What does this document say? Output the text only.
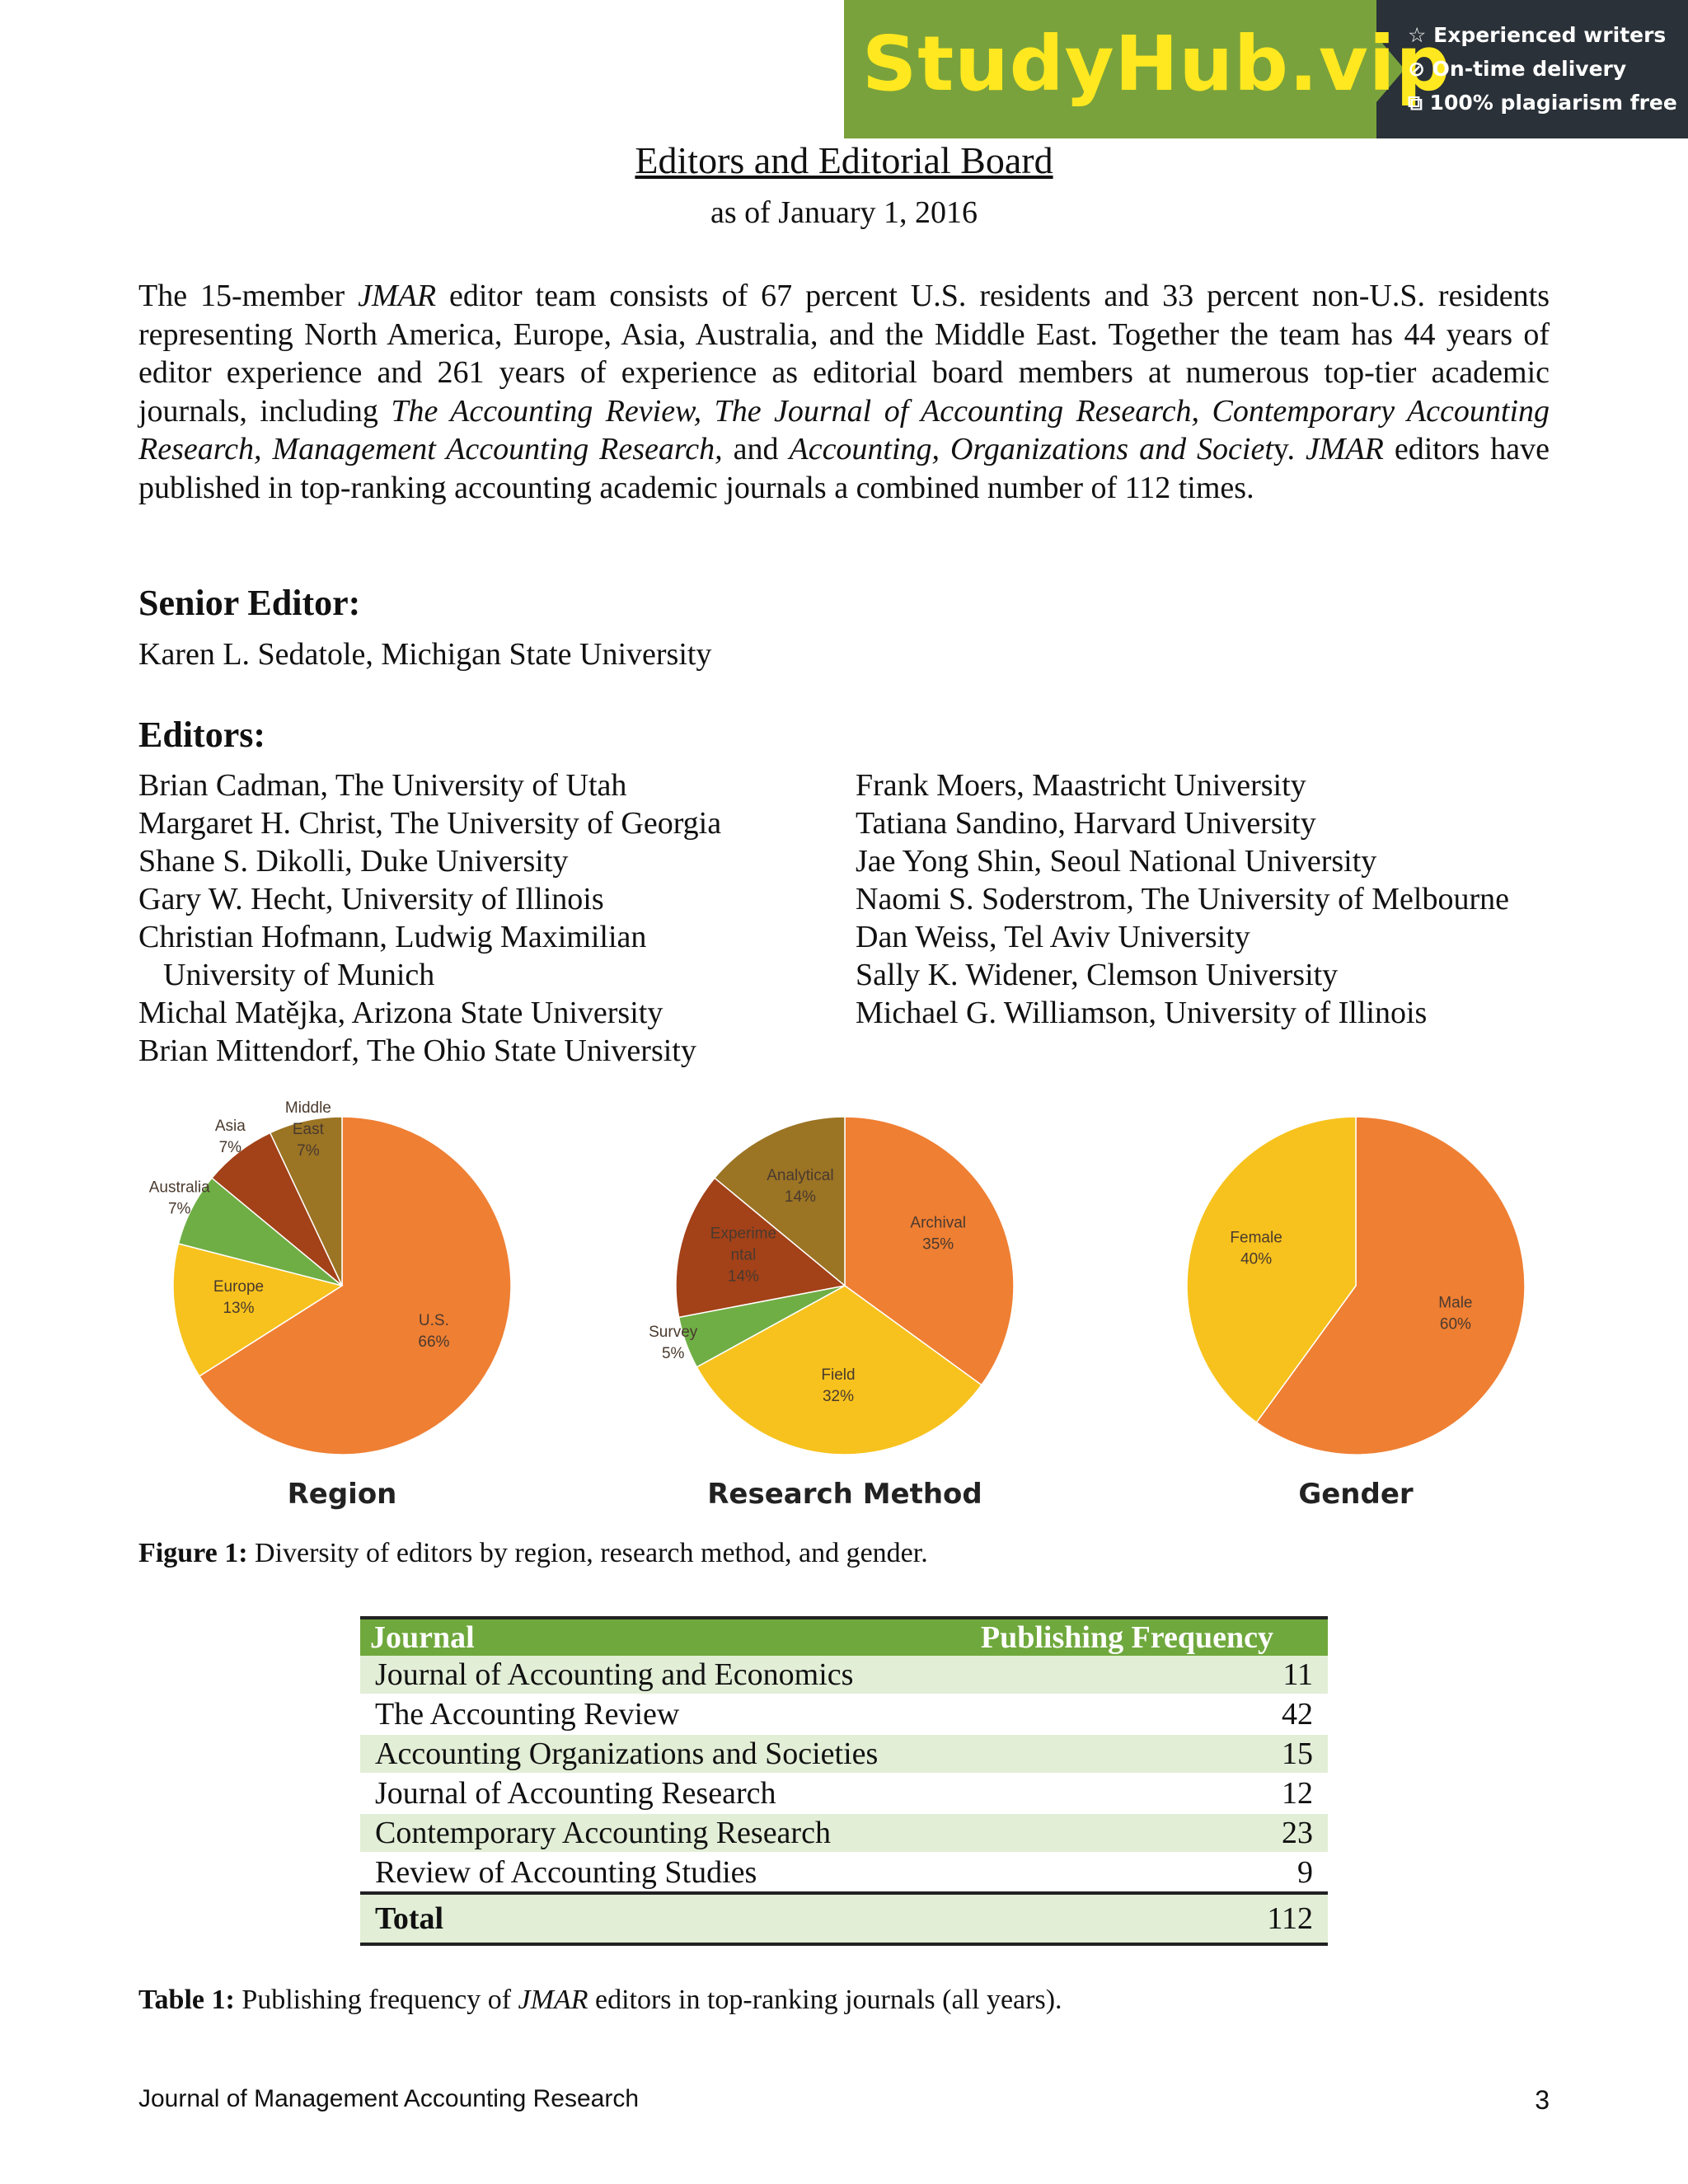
StudyHub.vip
☆ Experienced writers
⊘ On-time delivery
⧉ 100% plagiarism free
Editors and Editorial Board
as of January 1, 2016

The 15-member JMAR editor team consists of 67 percent U.S. residents and 33 percent non-U.S. residents representing North America, Europe, Asia, Australia, and the Middle East. Together the team has 44 years of editor experience and 261 years of experience as editorial board members at numerous top-tier academic journals, including The Accounting Review, The Journal of Accounting Research, Contemporary Accounting Research, Management Accounting Research, and Accounting, Organizations and Society. JMAR editors have published in top-ranking accounting academic journals a combined number of 112 times.

Senior Editor:
Karen L. Sedatole, Michigan State University
Editors:
Brian Cadman, The University of Utah
Margaret H. Christ, The University of Georgia
Shane S. Dikolli, Duke University
Gary W. Hecht, University of Illinois
Christian Hofmann, Ludwig Maximilian
University of Munich
Michal Matějka, Arizona State University
Brian Mittendorf, The Ohio State University
Frank Moers, Maastricht University
Tatiana Sandino, Harvard University
Jae Yong Shin, Seoul National University
Naomi S. Soderstrom, The University of Melbourne
Dan Weiss, Tel Aviv University
Sally K. Widener, Clemson University
Michael G. Williamson, University of Illinois
U.S. 66%
Europe 13%
Australia 7%
Asia 7%
Middle East 7%
Region
Archival 35%
Field 32%
Survey 5%
Experime ntal 14%
Analytical 14%
Research Method
Male 60%
Female 40%
Gender
Figure 1: Diversity of editors by region, research method, and gender.
Journal	Publishing Frequency
Journal of Accounting and Economics	11
The Accounting Review	42
Accounting Organizations and Societies	15
Journal of Accounting Research	12
Contemporary Accounting Research	23
Review of Accounting Studies	9
Total	112
Table 1: Publishing frequency of JMAR editors in top-ranking journals (all years).
Journal of Management Accounting Research	3
